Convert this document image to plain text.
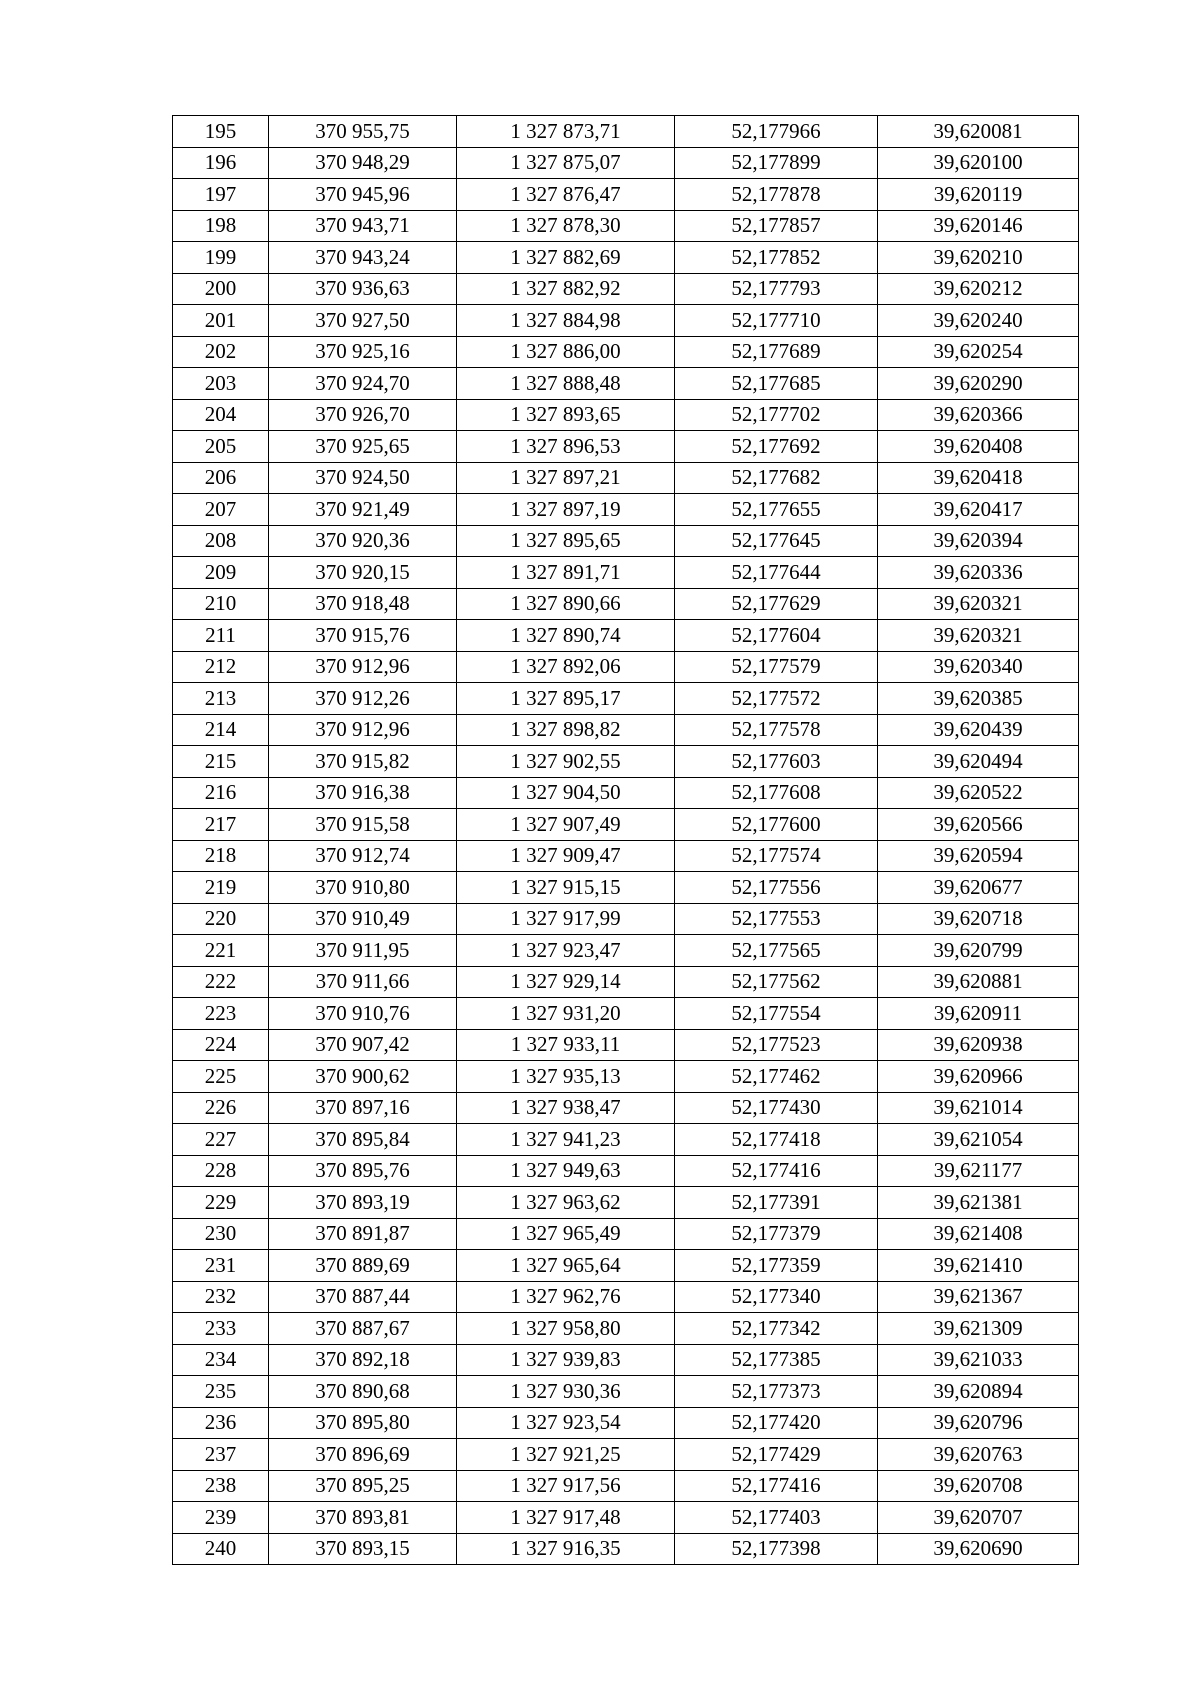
195	370 955,75	1 327 873,71	52,177966	39,620081
196	370 948,29	1 327 875,07	52,177899	39,620100
197	370 945,96	1 327 876,47	52,177878	39,620119
198	370 943,71	1 327 878,30	52,177857	39,620146
199	370 943,24	1 327 882,69	52,177852	39,620210
200	370 936,63	1 327 882,92	52,177793	39,620212
201	370 927,50	1 327 884,98	52,177710	39,620240
202	370 925,16	1 327 886,00	52,177689	39,620254
203	370 924,70	1 327 888,48	52,177685	39,620290
204	370 926,70	1 327 893,65	52,177702	39,620366
205	370 925,65	1 327 896,53	52,177692	39,620408
206	370 924,50	1 327 897,21	52,177682	39,620418
207	370 921,49	1 327 897,19	52,177655	39,620417
208	370 920,36	1 327 895,65	52,177645	39,620394
209	370 920,15	1 327 891,71	52,177644	39,620336
210	370 918,48	1 327 890,66	52,177629	39,620321
211	370 915,76	1 327 890,74	52,177604	39,620321
212	370 912,96	1 327 892,06	52,177579	39,620340
213	370 912,26	1 327 895,17	52,177572	39,620385
214	370 912,96	1 327 898,82	52,177578	39,620439
215	370 915,82	1 327 902,55	52,177603	39,620494
216	370 916,38	1 327 904,50	52,177608	39,620522
217	370 915,58	1 327 907,49	52,177600	39,620566
218	370 912,74	1 327 909,47	52,177574	39,620594
219	370 910,80	1 327 915,15	52,177556	39,620677
220	370 910,49	1 327 917,99	52,177553	39,620718
221	370 911,95	1 327 923,47	52,177565	39,620799
222	370 911,66	1 327 929,14	52,177562	39,620881
223	370 910,76	1 327 931,20	52,177554	39,620911
224	370 907,42	1 327 933,11	52,177523	39,620938
225	370 900,62	1 327 935,13	52,177462	39,620966
226	370 897,16	1 327 938,47	52,177430	39,621014
227	370 895,84	1 327 941,23	52,177418	39,621054
228	370 895,76	1 327 949,63	52,177416	39,621177
229	370 893,19	1 327 963,62	52,177391	39,621381
230	370 891,87	1 327 965,49	52,177379	39,621408
231	370 889,69	1 327 965,64	52,177359	39,621410
232	370 887,44	1 327 962,76	52,177340	39,621367
233	370 887,67	1 327 958,80	52,177342	39,621309
234	370 892,18	1 327 939,83	52,177385	39,621033
235	370 890,68	1 327 930,36	52,177373	39,620894
236	370 895,80	1 327 923,54	52,177420	39,620796
237	370 896,69	1 327 921,25	52,177429	39,620763
238	370 895,25	1 327 917,56	52,177416	39,620708
239	370 893,81	1 327 917,48	52,177403	39,620707
240	370 893,15	1 327 916,35	52,177398	39,620690
